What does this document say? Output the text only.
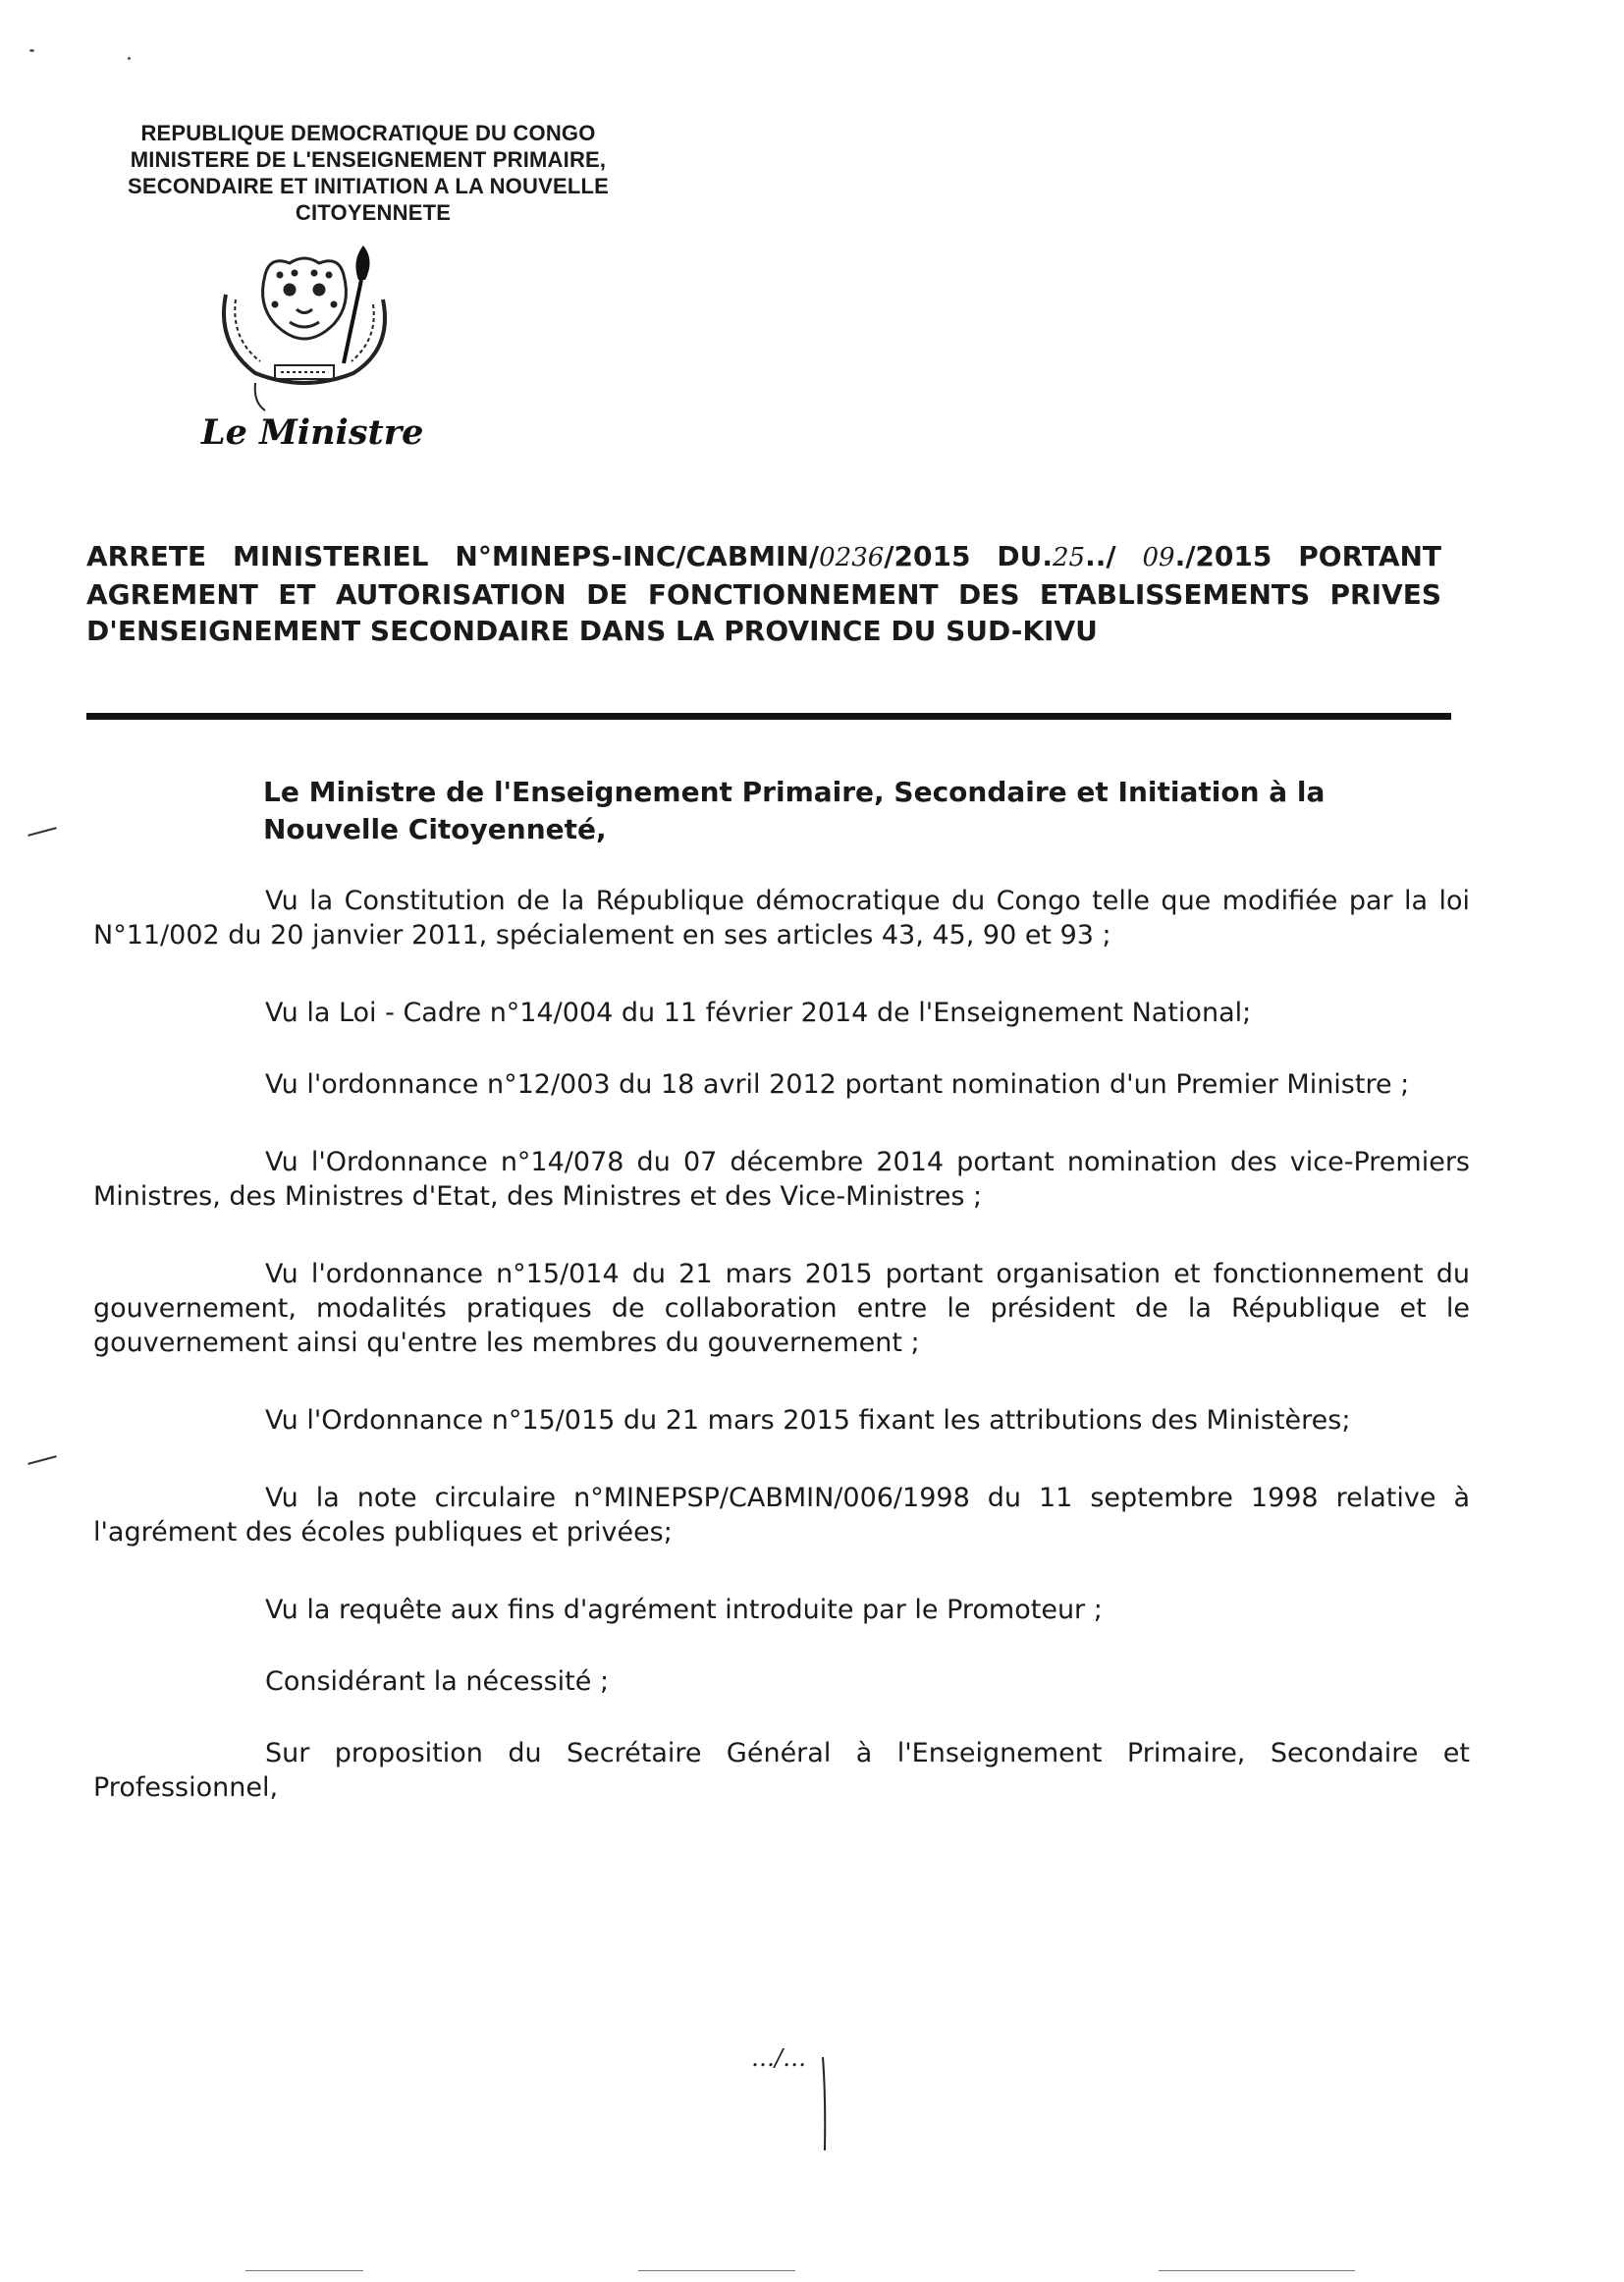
REPUBLIQUE DEMOCRATIQUE DU CONGO
MINISTERE DE L'ENSEIGNEMENT PRIMAIRE,
SECONDAIRE ET INITIATION A LA NOUVELLE
CITOYENNETE
Le Ministre
ARRETE MINISTERIEL N°MINEPS-INC/CABMIN/0236/2015 DU.25../ 09./2015 PORTANT AGREMENT ET AUTORISATION DE FONCTIONNEMENT DES ETABLISSEMENTS PRIVES D'ENSEIGNEMENT SECONDAIRE DANS LA PROVINCE DU SUD-KIVU
Le Ministre de l'Enseignement Primaire, Secondaire et Initiation à la Nouvelle Citoyenneté,

Vu la Constitution de la République démocratique du Congo telle que modifiée par la loi N°11/002 du 20 janvier 2011, spécialement en ses articles 43, 45, 90 et 93 ;

Vu la Loi - Cadre n°14/004 du 11 février 2014 de l'Enseignement National;

Vu l'ordonnance n°12/003 du 18 avril 2012 portant nomination d'un Premier Ministre ;

Vu l'Ordonnance n°14/078 du 07 décembre 2014 portant nomination des vice-Premiers Ministres, des Ministres d'Etat, des Ministres et des Vice-Ministres ;

Vu l'ordonnance n°15/014 du 21 mars 2015 portant organisation et fonctionnement du gouvernement, modalités pratiques de collaboration entre le président de la République et le gouvernement ainsi qu'entre les membres du gouvernement ;

Vu l'Ordonnance n°15/015 du 21 mars 2015 fixant les attributions des Ministères;

Vu la note circulaire n°MINEPSP/CABMIN/006/1998 du 11 septembre 1998 relative à l'agrément des écoles publiques et privées;

Vu la requête aux fins d'agrément introduite par le Promoteur ;

Considérant la nécessité ;

Sur proposition du Secrétaire Général à l'Enseignement Primaire, Secondaire et Professionnel,

…/…
